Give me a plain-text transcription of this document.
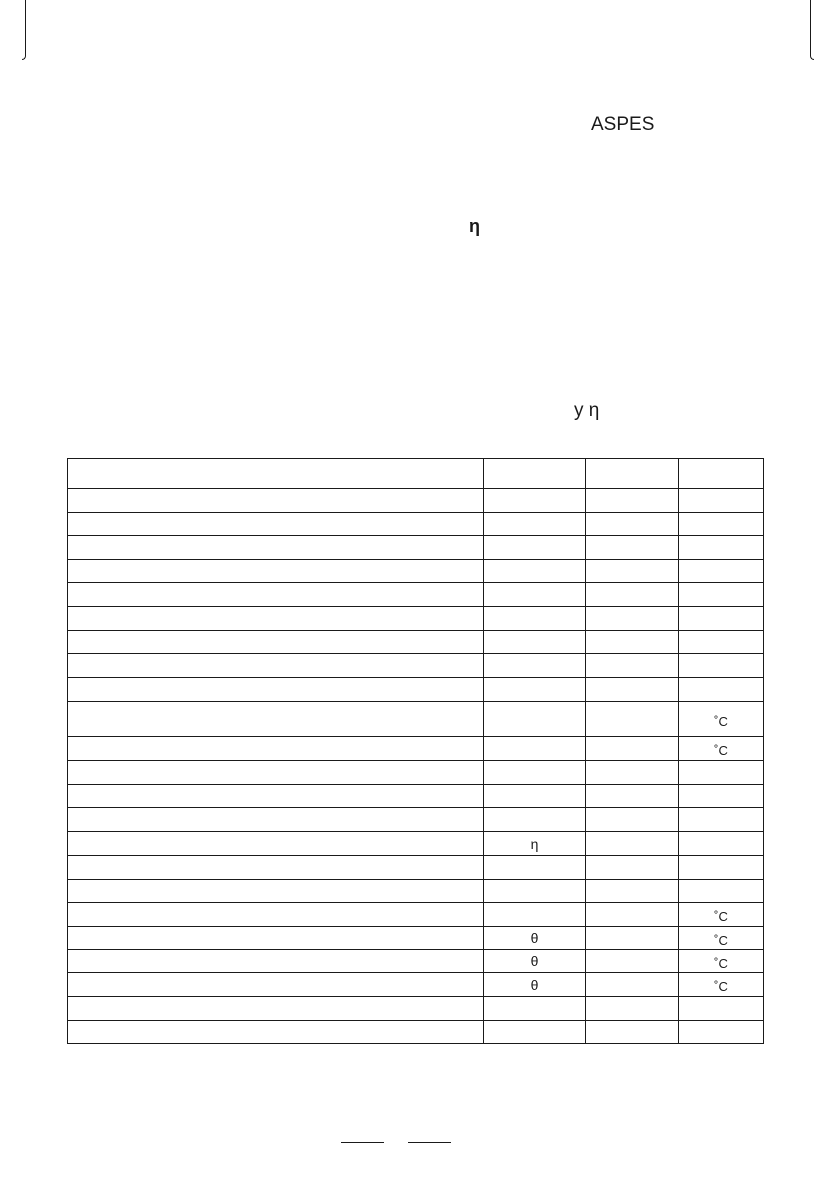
ASPES
η
y η

			˚C
			˚C

	η		

			˚C
	θ		˚C
	θ		˚C
	θ		˚C
